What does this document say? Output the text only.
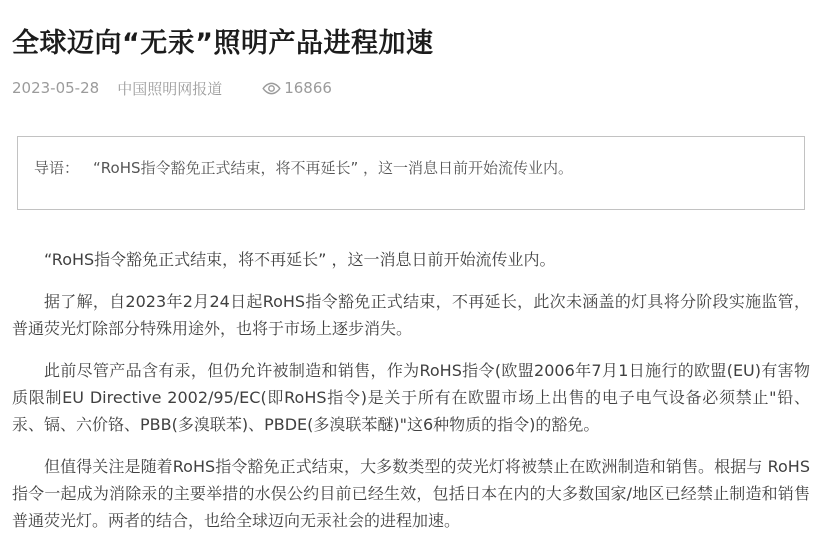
全球迈向“无汞”照明产品进程加速
2023-05-28 中国照明网报道	16866
导语： “RoHS指令豁免正式结束，将不再延长” ，这一消息日前开始流传业内。

“RoHS指令豁免正式结束，将不再延长” ，这一消息日前开始流传业内。

据了解，自2023年2月24日起RoHS指令豁免正式结束，不再延长，此次未涵盖的灯具将分阶段实施监管，普通荧光灯除部分特殊用途外，也将于市场上逐步消失。

此前尽管产品含有汞，但仍允许被制造和销售，作为RoHS指令(欧盟2006年7月1日施行的欧盟(EU)有害物质限制EU Directive 2002/95/EC(即RoHS指令)是关于所有在欧盟市场上出售的电子电气设备必须禁止"铅、汞、镉、六价铬、PBB(多溴联苯)、PBDE(多溴联苯醚)"这6种物质的指令)的豁免。

但值得关注是随着RoHS指令豁免正式结束，大多数类型的荧光灯将被禁止在欧洲制造和销售。根据与 RoHS 指令一起成为消除汞的主要举措的水俣公约目前已经生效，包括日本在内的大多数国家/地区已经禁止制造和销售普通荧光灯。两者的结合，也给全球迈向无汞社会的进程加速。
